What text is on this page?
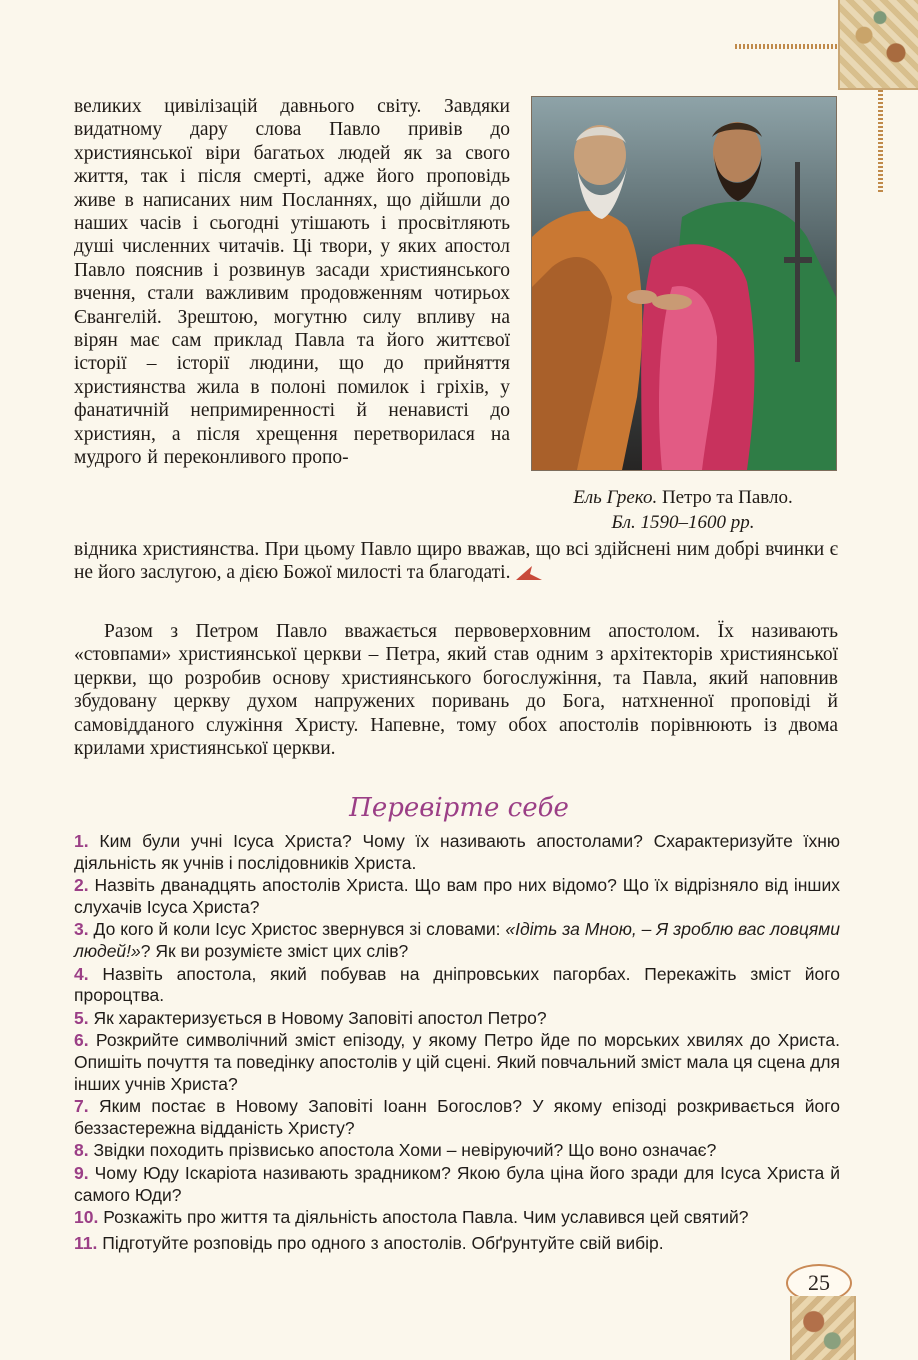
Ель Греко. Петро та Павло.
Бл. 1590–1600 рр.
великих цивілізацій давнього світу. Завдяки видатному дару слова Павло привів до християнської віри багатьох людей як за свого життя, так і після смерті, адже його проповідь живе в написаних ним Посланнях, що дійшли до наших часів і сьогодні утішають і просвітляють душі численних читачів. Ці твори, у яких апостол Павло пояснив і розвинув засади християнського вчення, стали важливим продовженням чотирьох Євангелій. Зрештою, могутню силу впливу на вірян має сам приклад Павла та його життєвої історії – історії людини, що до прийняття християнства жила в полоні помилок і гріхів, у фанатичній непримиренності й ненависті до християн, а після хрещення перетворилася на мудрого й переконливого пропо-
відника християнства. При цьому Павло щиро вважав, що всі здійснені ним добрі вчинки є не його заслугою, а дією Божої милості та благодаті.
Разом з Петром Павло вважається первоверховним апостолом. Їх називають «стовпами» християнської церкви – Петра, який став одним з архітекторів християнської церкви, що розробив основу християнського богослужіння, та Павла, який наповнив збудовану церкву духом напружених поривань до Бога, натхненної проповіді й самовідданого служіння Христу. Напевне, тому обох апостолів порівнюють із двома крилами християнської церкви.
Перевірте себе
1. Ким були учні Ісуса Христа? Чому їх називають апостолами? Схарактеризуйте їхню діяльність як учнів і послідовників Христа.
2. Назвіть дванадцять апостолів Христа. Що вам про них відомо? Що їх відрізняло від інших слухачів Ісуса Христа?
3. До кого й коли Ісус Христос звернувся зі словами: «Ідіть за Мною, – Я зроблю вас ловцями людей!»? Як ви розумієте зміст цих слів?
4. Назвіть апостола, який побував на дніпровських пагорбах. Перекажіть зміст його пророцтва.
5. Як характеризується в Новому Заповіті апостол Петро?
6. Розкрийте символічний зміст епізоду, у якому Петро йде по морських хвилях до Христа. Опишіть почуття та поведінку апостолів у цій сцені. Який повчальний зміст мала ця сцена для інших учнів Христа?
7. Яким постає в Новому Заповіті Іоанн Богослов? У якому епізоді розкривається його беззастережна відданість Христу?
8. Звідки походить прізвисько апостола Хоми – невіруючий? Що воно означає?
9. Чому Юду Іскаріота називають зрадником? Якою була ціна його зради для Ісуса Христа й самого Юди?
10. Розкажіть про життя та діяльність апостола Павла. Чим уславився цей святий?
11. Підготуйте розповідь про одного з апостолів. Обґрунтуйте свій вибір.
25
